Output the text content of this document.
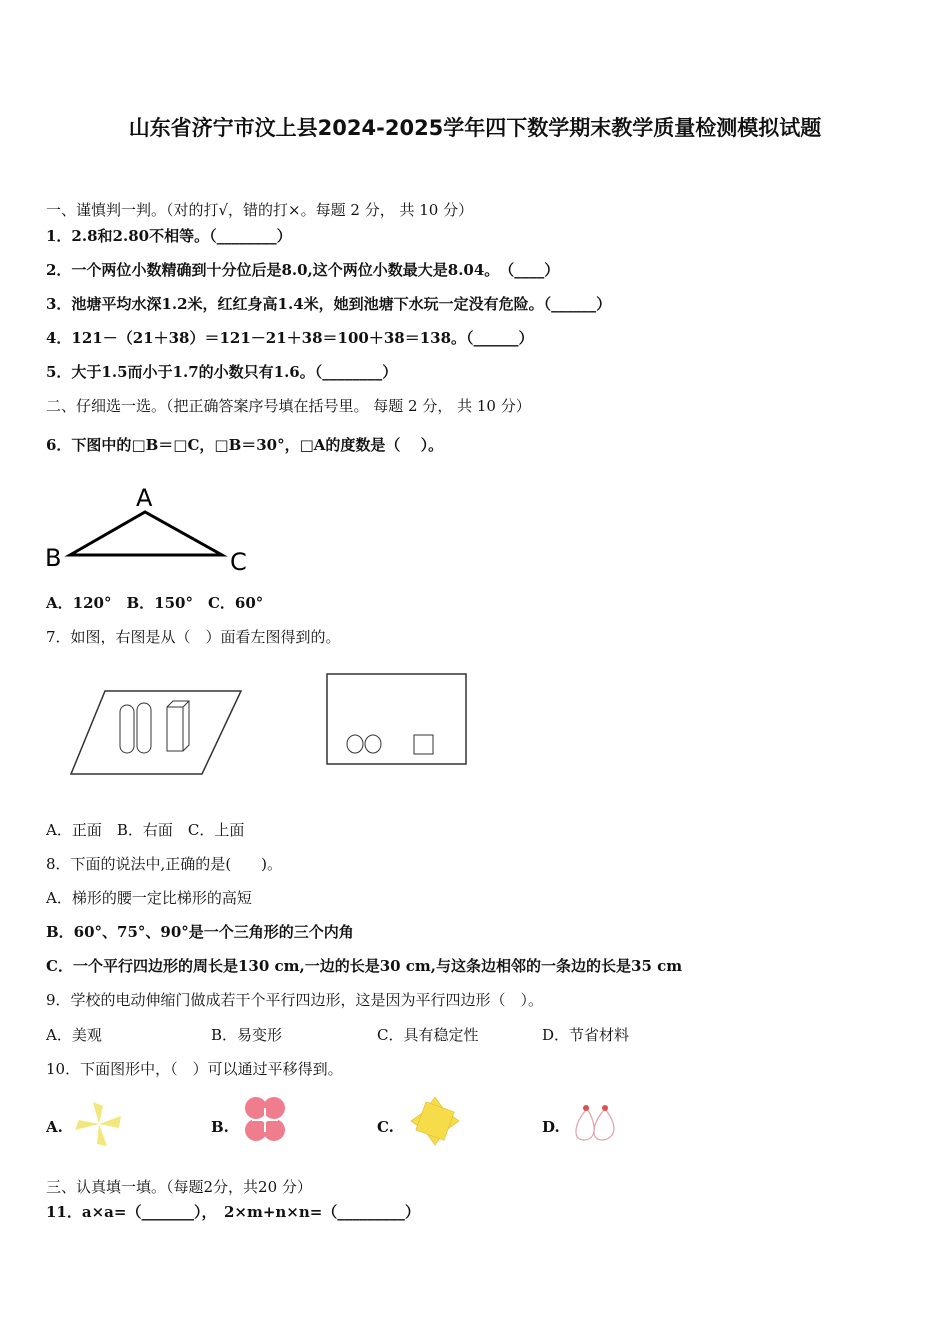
山东省济宁市汶上县2024-2025学年四下数学期末教学质量检测模拟试题
一、谨慎判一判。（对的打√，错的打×。每题 2 分， 共 10 分）
1．2.8和2.80不相等。（________）
2．一个两位小数精确到十分位后是8.0,这个两位小数最大是8.04。　（____）
3．池塘平均水深1.2米，红红身高1.4米，她到池塘下水玩一定没有危险。（______）
4．121－（21＋38）＝121－21＋38＝100＋38＝138。（______）
5．大于1.5而小于1.7的小数只有1.6。（________）
二、仔细选一选。（把正确答案序号填在括号里。 每题 2 分， 共 10 分）
6．下图中的□B＝□C，□B＝30°，□A的度数是（　 ）。
A
B	C
A．120°　B．150°　C．60°
7．如图，右图是从（　）面看左图得到的。
A．正面　B．右面　C．上面
8．下面的说法中,正确的是(　　)。
A．梯形的腰一定比梯形的高短
B．60°、75°、90°是一个三角形的三个内角
C．一个平行四边形的周长是130 cm,一边的长是30 cm,与这条边相邻的一条边的长是35 cm
9．学校的电动伸缩门做成若干个平行四边形，这是因为平行四边形（　）。
A．美观	B．易变形	C．具有稳定性	D．节省材料
10．下面图形中，（　）可以通过平移得到。
A.	B.	C.	D.
三、认真填一填。（每题2分，共20 分）
11．a×a=（_______），　2×m+n×n=（_________）
